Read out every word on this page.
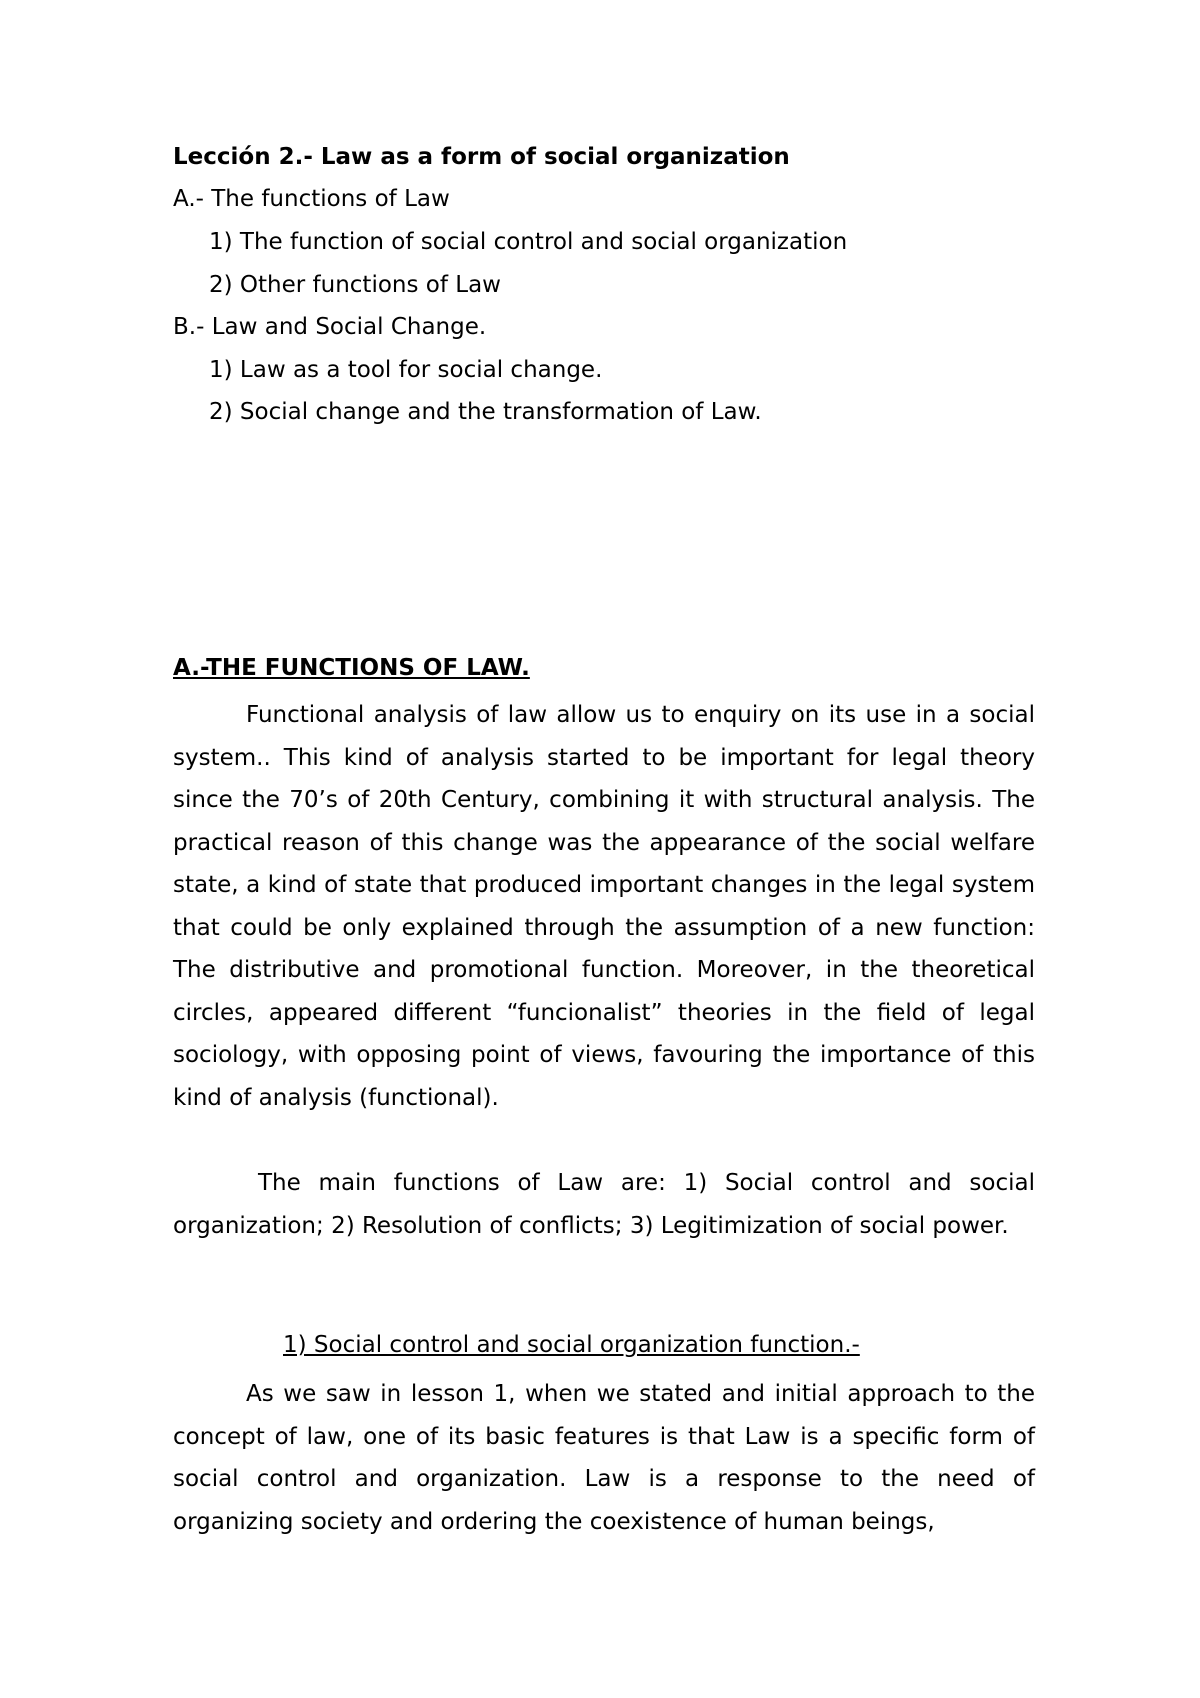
Lección 2.- Law as a form of social organization
A.- The functions of Law
1) The function of social control and social organization
2) Other functions of Law
B.- Law and Social Change.
1) Law as a tool for social change.
2) Social change and the transformation of Law.
A.-THE FUNCTIONS OF LAW.

Functional analysis of law allow us to enquiry on its use in a social system.. This kind of analysis started to be important for legal theory since the 70’s of 20th Century, combining it with structural analysis. The practical reason of this change was the appearance of the social welfare state, a kind of state that produced important changes in the legal system that could be only explained through the assumption of a new function: The distributive and promotional function. Moreover, in the theoretical circles, appeared different “funcionalist” theories in the field of legal sociology, with opposing point of views, favouring the importance of this kind of analysis (functional).

The main functions of Law are: 1) Social control and social organization; 2) Resolution of conflicts; 3) Legitimization of social power.

1) Social control and social organization function.-

As we saw in lesson 1, when we stated and initial approach to the concept of law, one of its basic features is that Law is a specific form of social control and organization. Law is a response to the need of organizing society and ordering the coexistence of human beings,
